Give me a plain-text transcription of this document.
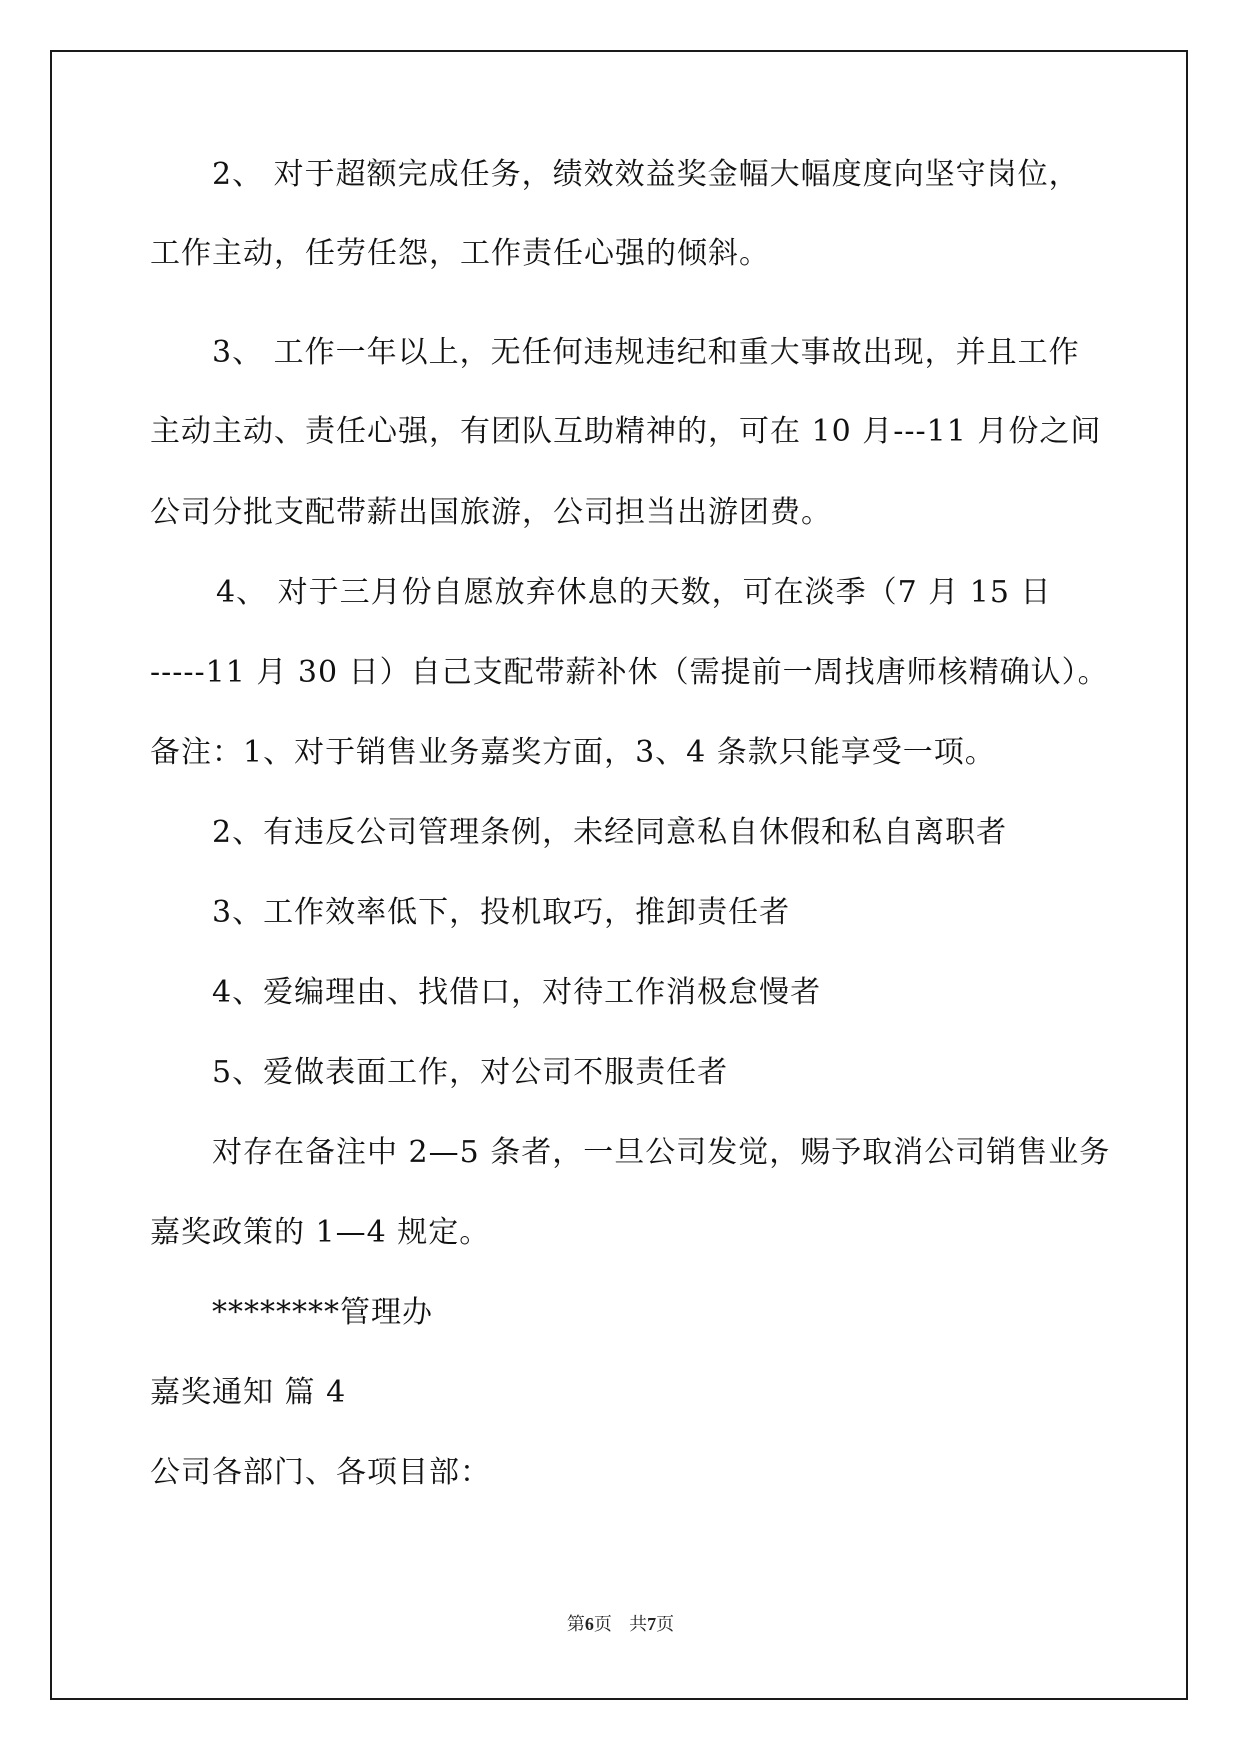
2、 对于超额完成任务，绩效效益奖金幅大幅度度向坚守岗位，
工作主动，任劳任怨，工作责任心强的倾斜。
3、 工作一年以上，无任何违规违纪和重大事故出现，并且工作
主动主动、责任心强，有团队互助精神的，可在 10 月---11 月份之间
公司分批支配带薪出国旅游，公司担当出游团费。
4、 对于三月份自愿放弃休息的天数，可在淡季（7 月 15 日
-----11 月 30 日）自己支配带薪补休（需提前一周找唐师核精确认）。
备注：1、对于销售业务嘉奖方面，3、4 条款只能享受一项。
2、有违反公司管理条例，未经同意私自休假和私自离职者
3、工作效率低下，投机取巧，推卸责任者
4、爱编理由、找借口，对待工作消极怠慢者
5、爱做表面工作，对公司不服责任者
对存在备注中 2—5 条者，一旦公司发觉，赐予取消公司销售业务
嘉奖政策的 1—4 规定。
********管理办
嘉奖通知 篇 4
公司各部门、各项目部：
第6页 共7页
